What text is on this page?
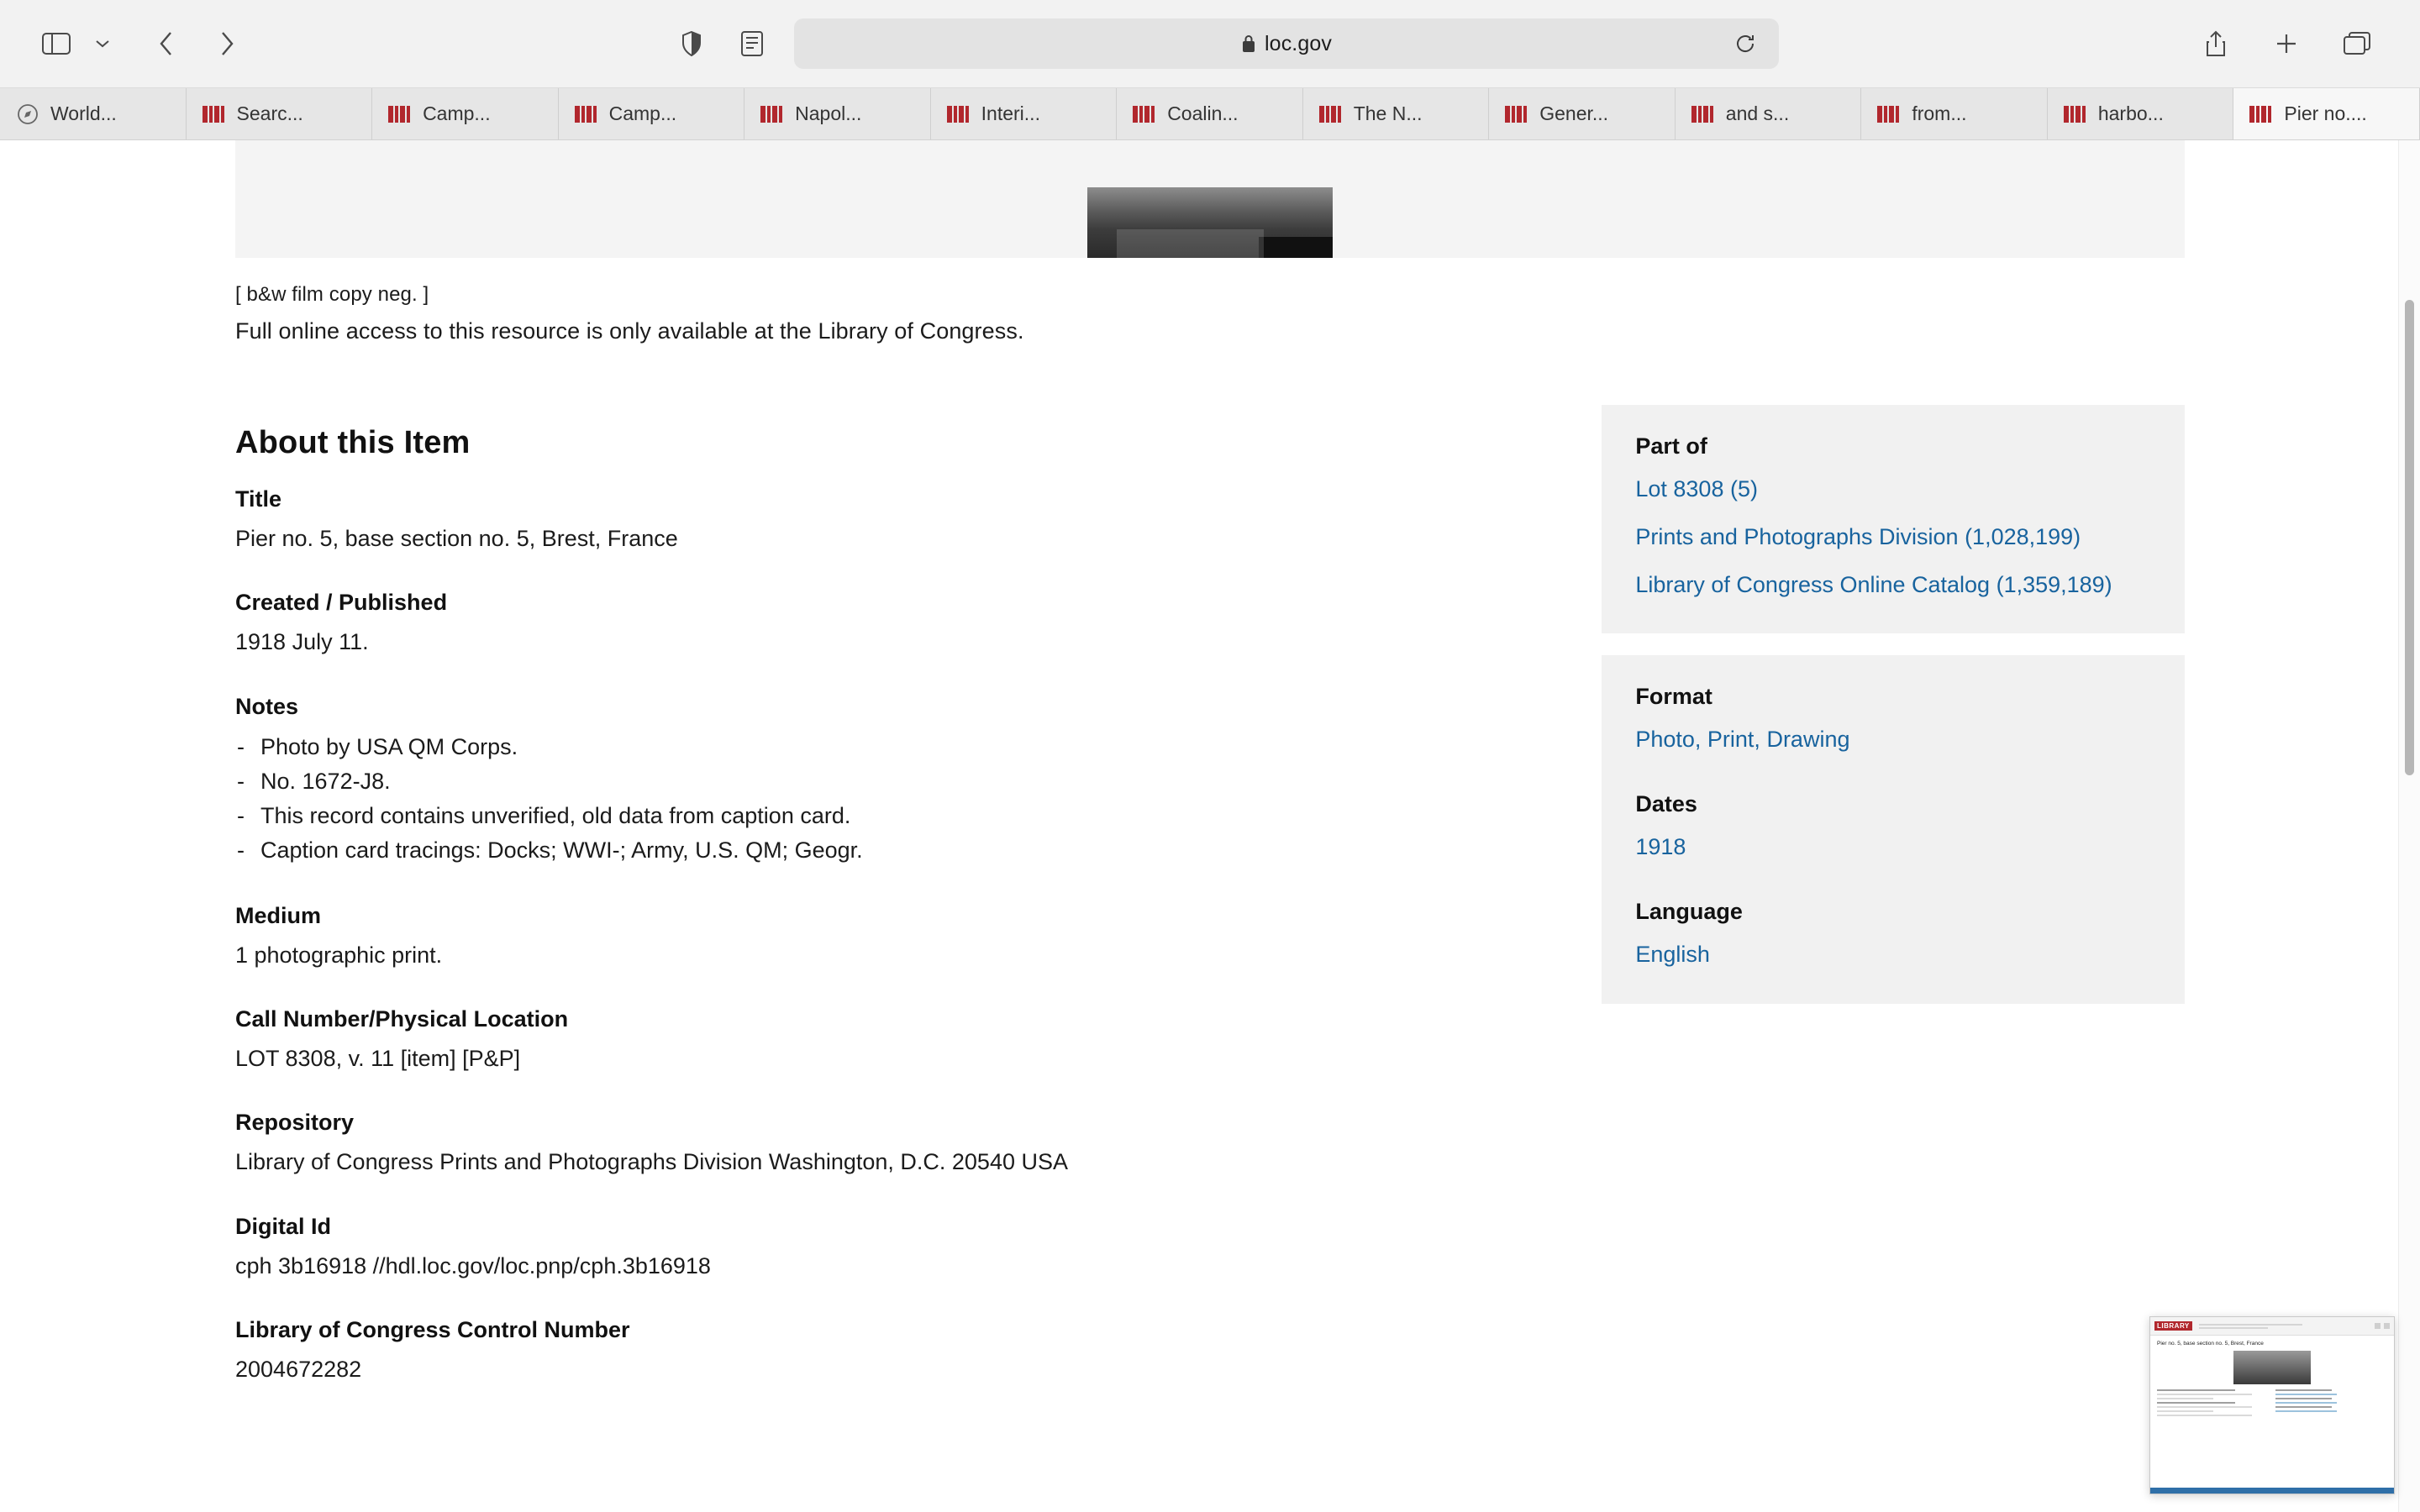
loc.gov
World...	Searc...	Camp...	Camp...	Napol...	Interi...	Coalin...	The N...	Gener...	and s...	from...	harbo...	Pier no....
[ b&w film copy neg. ]
Full online access to this resource is only available at the Library of Congress.
About this Item
Title
Pier no. 5, base section no. 5, Brest, France
Created / Published
1918 July 11.
Notes
- Photo by USA QM Corps.
- No. 1672-J8.
- This record contains unverified, old data from caption card.
- Caption card tracings: Docks; WWI-; Army, U.S. QM; Geogr.
Medium
1 photographic print.
Call Number/Physical Location
LOT 8308, v. 11 [item] [P&P]
Repository
Library of Congress Prints and Photographs Division Washington, D.C. 20540 USA
Digital Id
cph 3b16918 //hdl.loc.gov/loc.pnp/cph.3b16918
Library of Congress Control Number
2004672282
Part of
Lot 8308 (5)
Prints and Photographs Division (1,028,199)
Library of Congress Online Catalog (1,359,189)
Format
Photo, Print, Drawing
Dates
1918
Language
English
LIBRARY
Pier no. 5, base section no. 5, Brest, France
